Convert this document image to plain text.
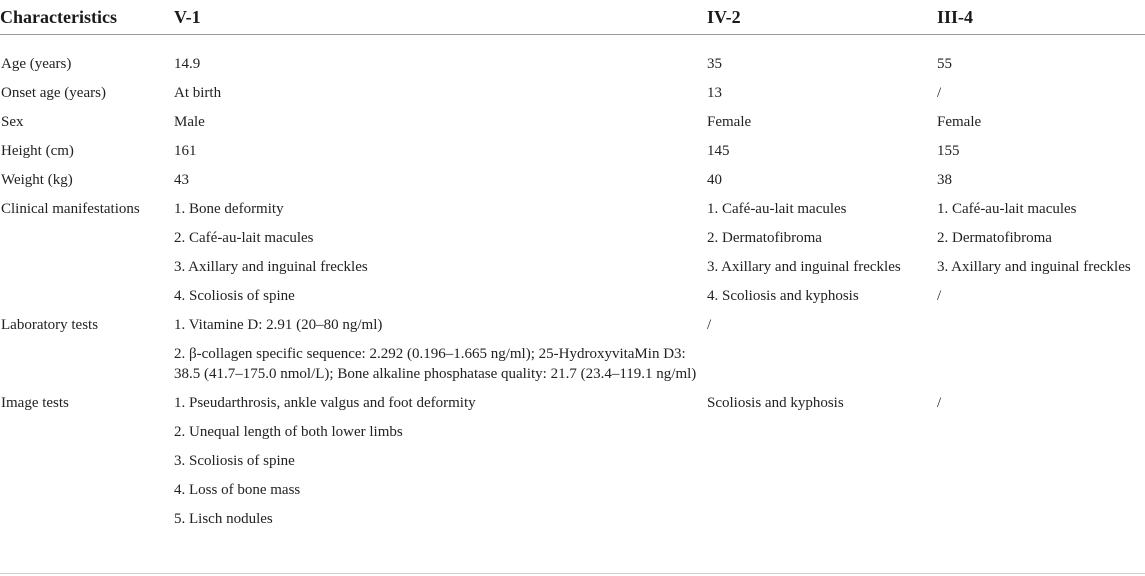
Characteristics	V-1	IV-2	III-4

Age (years)	14.9	35	55
Onset age (years)	At birth	13	/
Sex	Male	Female	Female
Height (cm)	161	145	155
Weight (kg)	43	40	38
Clinical manifestations	1. Bone deformity	1. Café-au-lait macules	1. Café-au-lait macules
	2. Café-au-lait macules	2. Dermatofibroma	2. Dermatofibroma
	3. Axillary and inguinal freckles	3. Axillary and inguinal freckles	3. Axillary and inguinal freckles
	4. Scoliosis of spine	4. Scoliosis and kyphosis	/
Laboratory tests	1. Vitamine D: 2.91 (20–80 ng/ml)	/	
	2. β-collagen specific sequence: 2.292 (0.196–1.665 ng/ml); 25-HydroxyvitaMin D3: 38.5 (41.7–175.0 nmol/L); Bone alkaline phosphatase quality: 21.7 (23.4–119.1 ng/ml)		
Image tests	1. Pseudarthrosis, ankle valgus and foot deformity	Scoliosis and kyphosis	/
	2. Unequal length of both lower limbs		
	3. Scoliosis of spine		
	4. Loss of bone mass		
	5. Lisch nodules		
